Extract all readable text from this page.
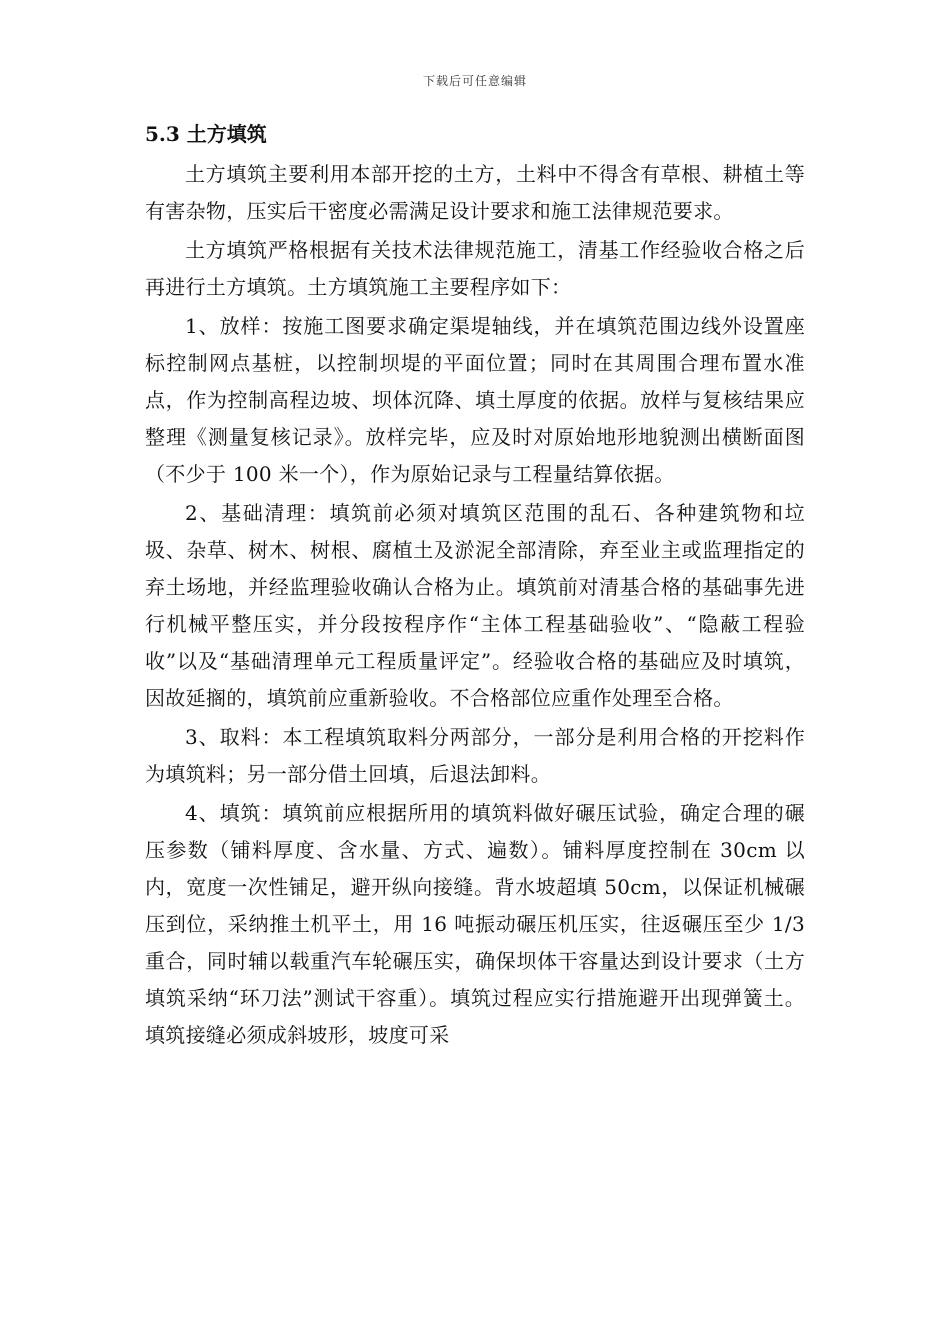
下载后可任意编辑
5.3 土方填筑

土方填筑主要利用本部开挖的土方，土料中不得含有草根、耕植土等有害杂物，压实后干密度必需满足设计要求和施工法律规范要求。

土方填筑严格根据有关技术法律规范施工，清基工作经验收合格之后再进行土方填筑。土方填筑施工主要程序如下：

1、放样：按施工图要求确定渠堤轴线，并在填筑范围边线外设置座标控制网点基桩，以控制坝堤的平面位置；同时在其周围合理布置水准点，作为控制高程边坡、坝体沉降、填土厚度的依据。放样与复核结果应整理《测量复核记录》。放样完毕，应及时对原始地形地貌测出横断面图（不少于 100 米一个），作为原始记录与工程量结算依据。

2、基础清理：填筑前必须对填筑区范围的乱石、各种建筑物和垃圾、杂草、树木、树根、腐植土及淤泥全部清除，弃至业主或监理指定的弃土场地，并经监理验收确认合格为止。填筑前对清基合格的基础事先进行机械平整压实，并分段按程序作“主体工程基础验收”、“隐蔽工程验收”以及“基础清理单元工程质量评定”。经验收合格的基础应及时填筑，因故延搁的，填筑前应重新验收。不合格部位应重作处理至合格。

3、取料：本工程填筑取料分两部分，一部分是利用合格的开挖料作为填筑料；另一部分借土回填，后退法卸料。

4、填筑：填筑前应根据所用的填筑料做好碾压试验，确定合理的碾压参数（铺料厚度、含水量、方式、遍数）。铺料厚度控制在 30cm 以内，宽度一次性铺足，避开纵向接缝。背水坡超填 50cm，以保证机械碾压到位，采纳推土机平土，用 16 吨振动碾压机压实，往返碾压至少 1/3 重合，同时辅以载重汽车轮碾压实，确保坝体干容量达到设计要求（土方填筑采纳“环刀法”测试干容重）。填筑过程应实行措施避开出现弹簧土。填筑接缝必须成斜坡形，坡度可采
